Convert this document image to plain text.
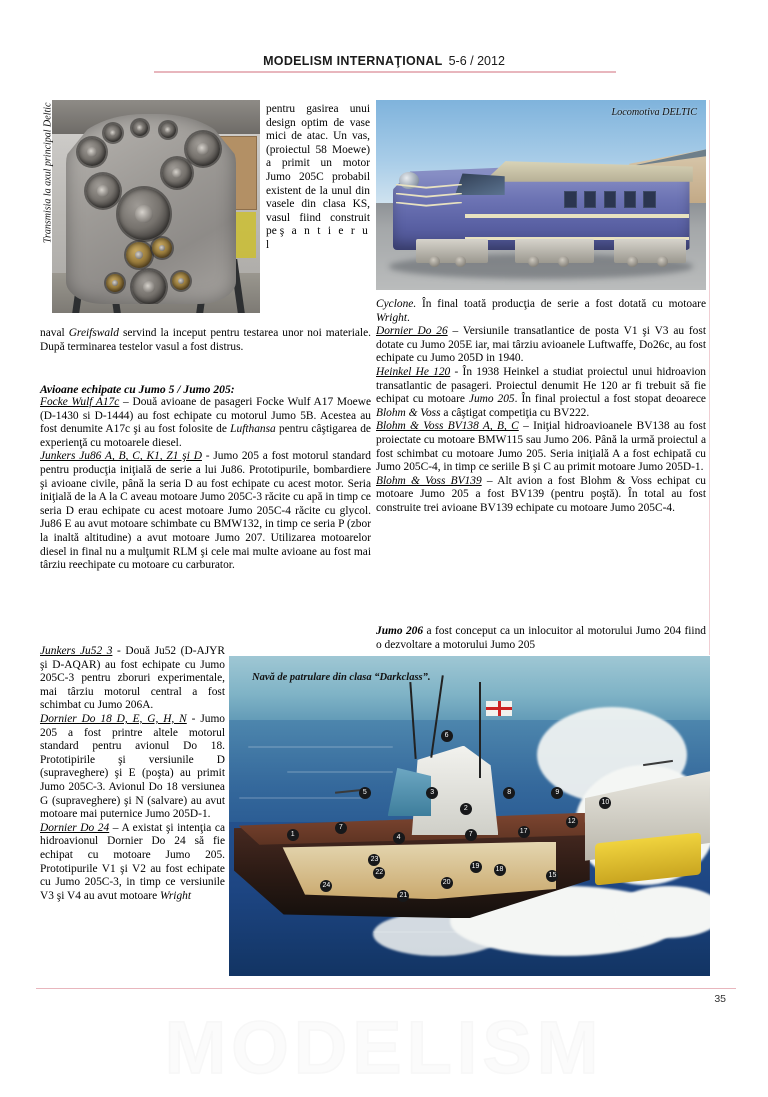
MODELISM INTERNAŢIONAL 5-6 / 2012
Transmisia la axul principal Deltic	Locomotiva DELTIC

pentru gasirea unui design optim de vase mici de atac. Un vas, (proiectul 58 Moewe) a primit un motor Jumo 205C probabil existent de la unul din vasele din clasa KS, vasul fiind construit pe ş a n t i e r u l

naval Greifswald servind la inceput pentru testarea unor noi materiale. După terminarea testelor vasul a fost distrus.

Avioane echipate cu Jumo 5 / Jumo 205:

Focke Wulf A17c – Două avioane de pasageri Focke Wulf A17 Moewe (D-1430 si D-1444) au fost echipate cu motorul Jumo 5B. Acestea au fost denumite A17c şi au fost folosite de Lufthansa pentru câştigarea de experienţă cu motoarele diesel.

Junkers Ju86 A, B, C, K1, Z1 şi D - Jumo 205 a fost motorul standard pentru producţia iniţială de serie a lui Ju86. Prototipurile, bombardiere şi avioane civile, până la seria D au fost echipate cu acest motor. Seria iniţială de la A la C aveau motoare Jumo 205C-3 răcite cu apă in timp ce seria D erau echipate cu acest motoare Jumo 205C-4 răcite cu glycol. Ju86 E au avut motoare schimbate cu BMW132, in timp ce seria P (zbor la inaltă altitudine) a avut motoare Jumo 207. Utilizarea motoarelor diesel in final nu a mulţumit RLM şi cele mai multe avioane au fost mai târziu reechipate cu motoare cu carburator.

Junkers Ju52 3 - Două Ju52 (D-AJYR şi D-AQAR) au fost echipate cu Jumo 205C-3 pentru zboruri experimentale, mai târziu motorul central a fost schimbat cu Jumo 206A.

Dornier Do 18 D, E, G, H, N - Jumo 205 a fost printre altele motorul standard pentru avionul Do 18. Prototipirile şi versiunile D (supraveghere) şi E (poşta) au primit Jumo 205C-3. Avionul Do 18 versiunea G (supraveghere) şi N (salvare) au avut motoare mai puternice Jumo 205D-1.

Dornier Do 24 – A existat şi intenţia ca hidroavionul Dornier Do 24 să fie echipat cu motoare Jumo 205. Prototipurile V1 şi V2 au fost echipate cu Jumo 205C-3, in timp ce versiunile V3 şi V4 au avut motoare Wright

Cyclone. În final toată producţia de serie a fost dotată cu motoare Wright.

Dornier Do 26 – Versiunile transatlantice de posta V1 şi V3 au fost dotate cu Jumo 205E iar, mai târziu avioanele Luftwaffe, Do26c, au fost echipate cu Jumo 205D in 1940.

Heinkel He 120 - În 1938 Heinkel a studiat proiectul unui hidroavion transatlantic de pasageri. Proiectul denumit He 120 ar fi trebuit să fie echipat cu motoare Jumo 205. În final proiectul a fost stopat deoarece Blohm & Voss a câştigat competiţia cu BV222.

Blohm & Voss BV138 A, B, C – Iniţial hidroavioanele BV138 au fost proiectate cu motoare BMW115 sau Jumo 206. Până la urmă proiectul a fost schimbat cu motoare Jumo 205. Seria iniţială A a fost echipată cu Jumo 205C-4, in timp ce seriile B şi C au primit motoare Jumo 205D-1.

Blohm & Voss BV139 – Alt avion a fost Blohm & Voss echipat cu motoare Jumo 205 a fost BV139 (pentru poştă). În total au fost construite trei avioane BV139 echipate cu motoare Jumo 205C-4.

Jumo 206 a fost conceput ca un inlocuitor al motorului Jumo 204 fiind o dezvoltare a motorului Jumo 205

1
7
5
4
3
6
2
7
8	9
10
12
17
18
19
20
21
22
23
24
15
Navă de patrulare din clasa “Darkclass”.
35
MODELISM
